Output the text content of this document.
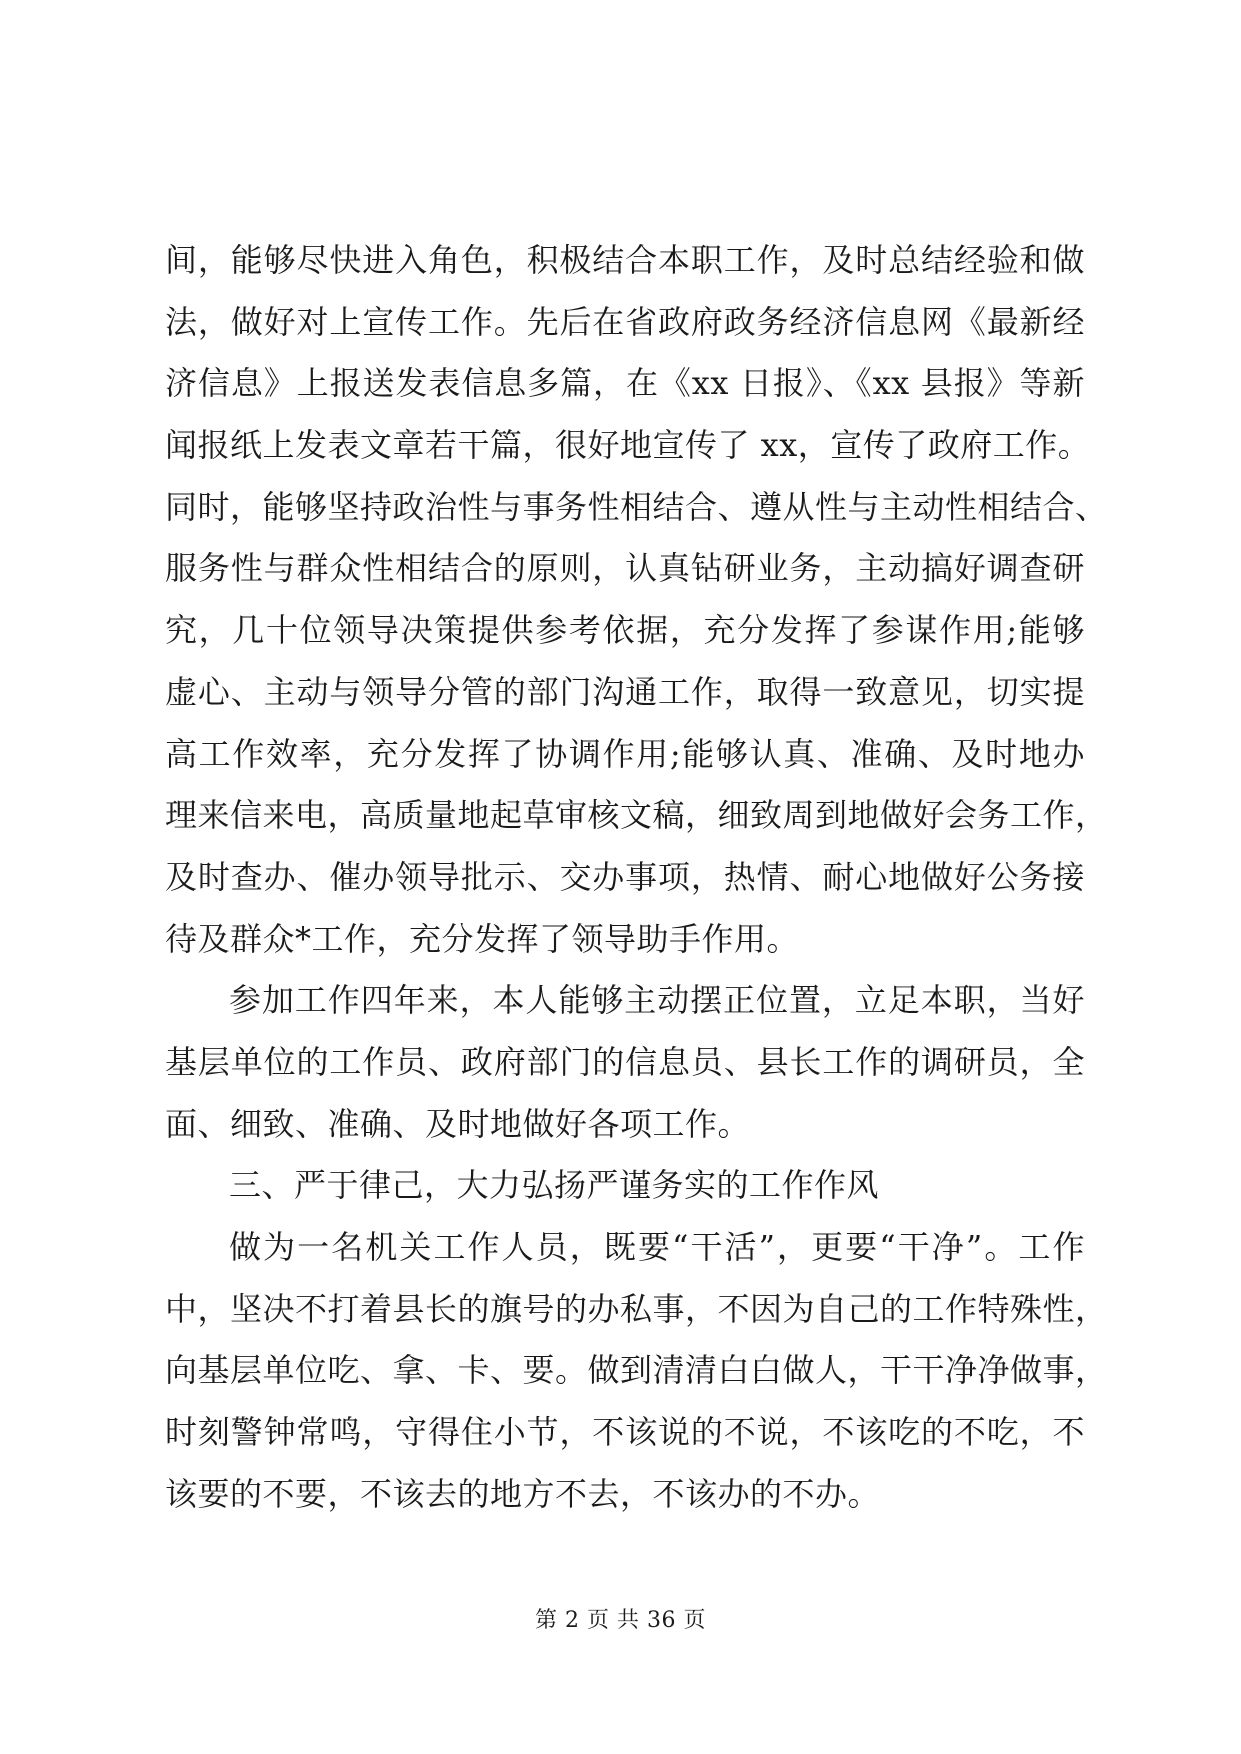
间，能够尽快进入角色，积极结合本职工作，及时总结经验和做
法，做好对上宣传工作。先后在省政府政务经济信息网《最新经
济信息》上报送发表信息多篇，在《xx 日报》、《xx 县报》等新
闻报纸上发表文章若干篇，很好地宣传了 xx，宣传了政府工作。
同时，能够坚持政治性与事务性相结合、遵从性与主动性相结合、
服务性与群众性相结合的原则，认真钻研业务，主动搞好调查研
究，几十位领导决策提供参考依据，充分发挥了参谋作用;能够
虚心、主动与领导分管的部门沟通工作，取得一致意见，切实提
高工作效率，充分发挥了协调作用;能够认真、准确、及时地办
理来信来电，高质量地起草审核文稿，细致周到地做好会务工作，
及时查办、催办领导批示、交办事项，热情、耐心地做好公务接
待及群众*工作，充分发挥了领导助手作用。
参加工作四年来，本人能够主动摆正位置，立足本职，当好
基层单位的工作员、政府部门的信息员、县长工作的调研员，全
面、细致、准确、及时地做好各项工作。
三、严于律己，大力弘扬严谨务实的工作作风
做为一名机关工作人员，既要“干活”，更要“干净”。工作
中，坚决不打着县长的旗号的办私事，不因为自己的工作特殊性，
向基层单位吃、拿、卡、要。做到清清白白做人，干干净净做事，
时刻警钟常鸣，守得住小节，不该说的不说，不该吃的不吃，不
该要的不要，不该去的地方不去，不该办的不办。
第 2 页 共 36 页
